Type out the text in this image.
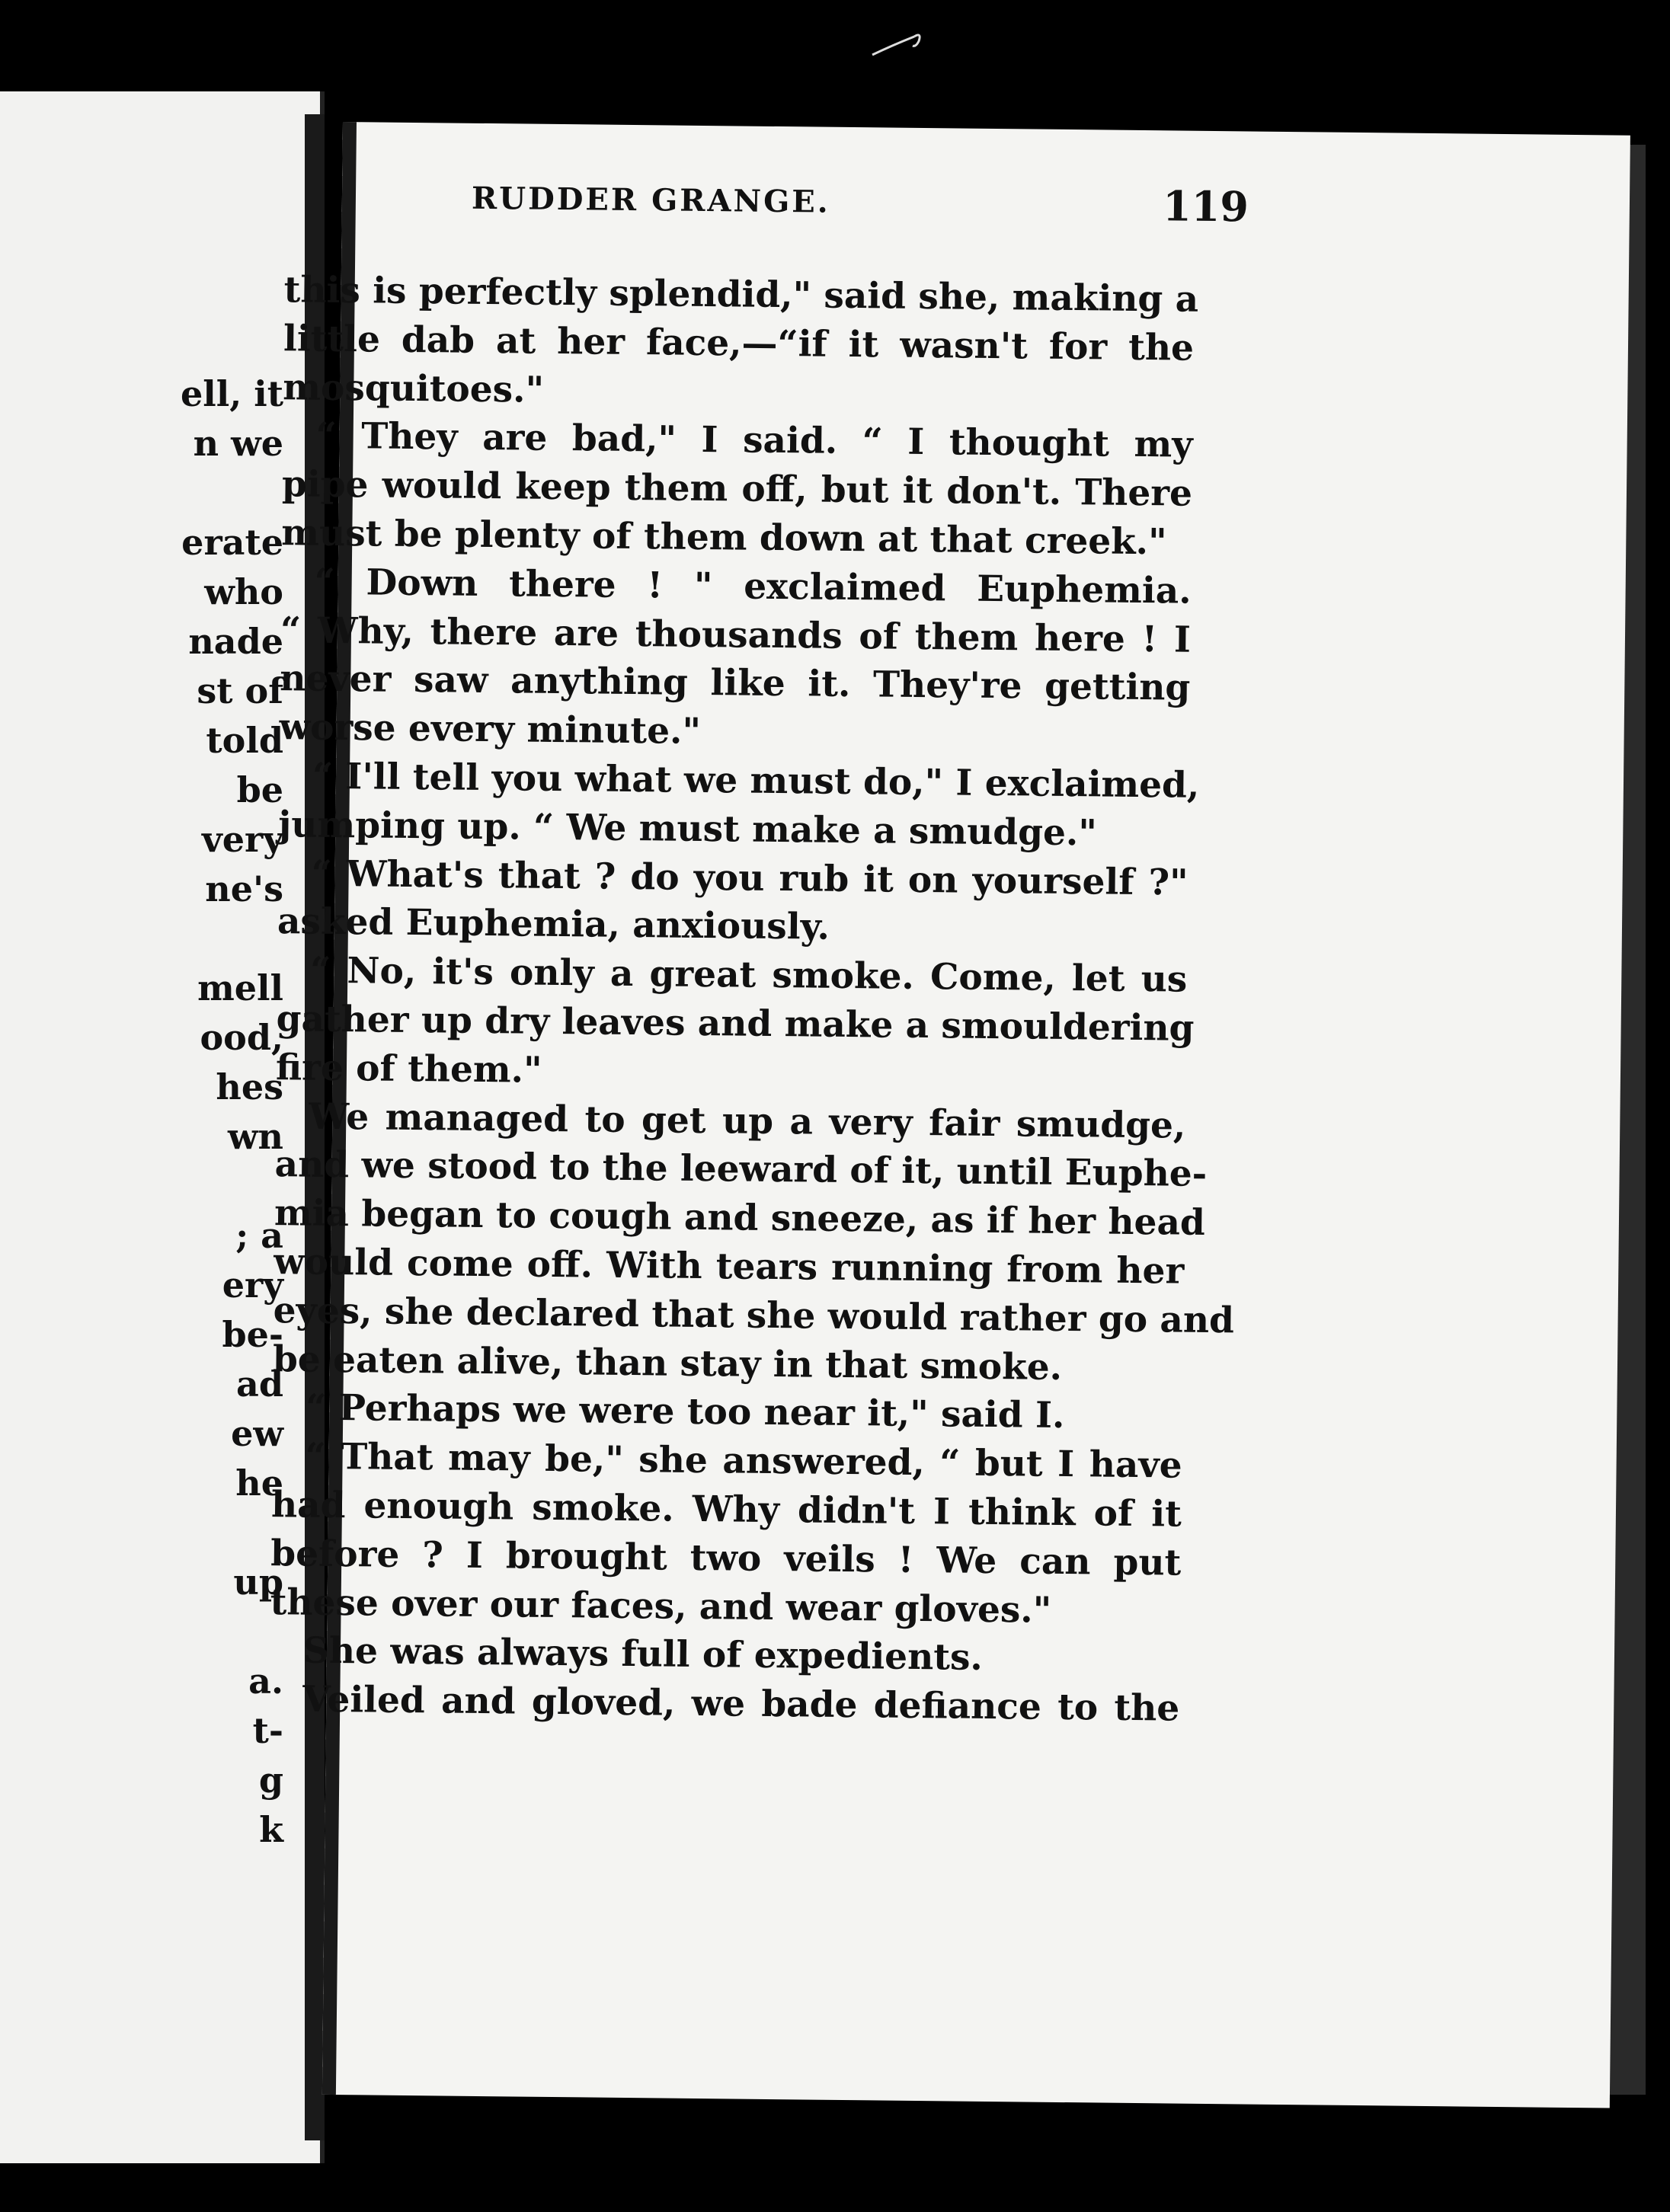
ell, it
n we
erate
who
nade
st of
told
be
very
ne's
mell
ood,
hes
wn
; a
ery
be-
ad
ew
he
up
a.
t-
g
k
RUDDER GRANGE.	119
this is perfectly splendid," said she, making a
little dab at her face,—“if it wasn't for the
mosquitoes."
“ They are bad," I said. “ I thought my
pipe would keep them off, but it don't. There
must be plenty of them down at that creek."
“ Down there ! " exclaimed Euphemia.
“ Why, there are thousands of them here ! I
never saw anything like it. They're getting
worse every minute."
“ I'll tell you what we must do," I exclaimed,
jumping up. “ We must make a smudge."
“ What's that ? do you rub it on yourself ?"
asked Euphemia, anxiously.
“ No, it's only a great smoke. Come, let us
gather up dry leaves and make a smouldering
fire of them."
We managed to get up a very fair smudge,
and we stood to the leeward of it, until Euphe-
mia began to cough and sneeze, as if her head
would come off. With tears running from her
eyes, she declared that she would rather go and
be eaten alive, than stay in that smoke.
“ Perhaps we were too near it," said I.
“ That may be," she answered, “ but I have
had enough smoke. Why didn't I think of it
before ? I brought two veils ! We can put
these over our faces, and wear gloves."
She was always full of expedients.
Veiled and gloved, we bade defiance to the
